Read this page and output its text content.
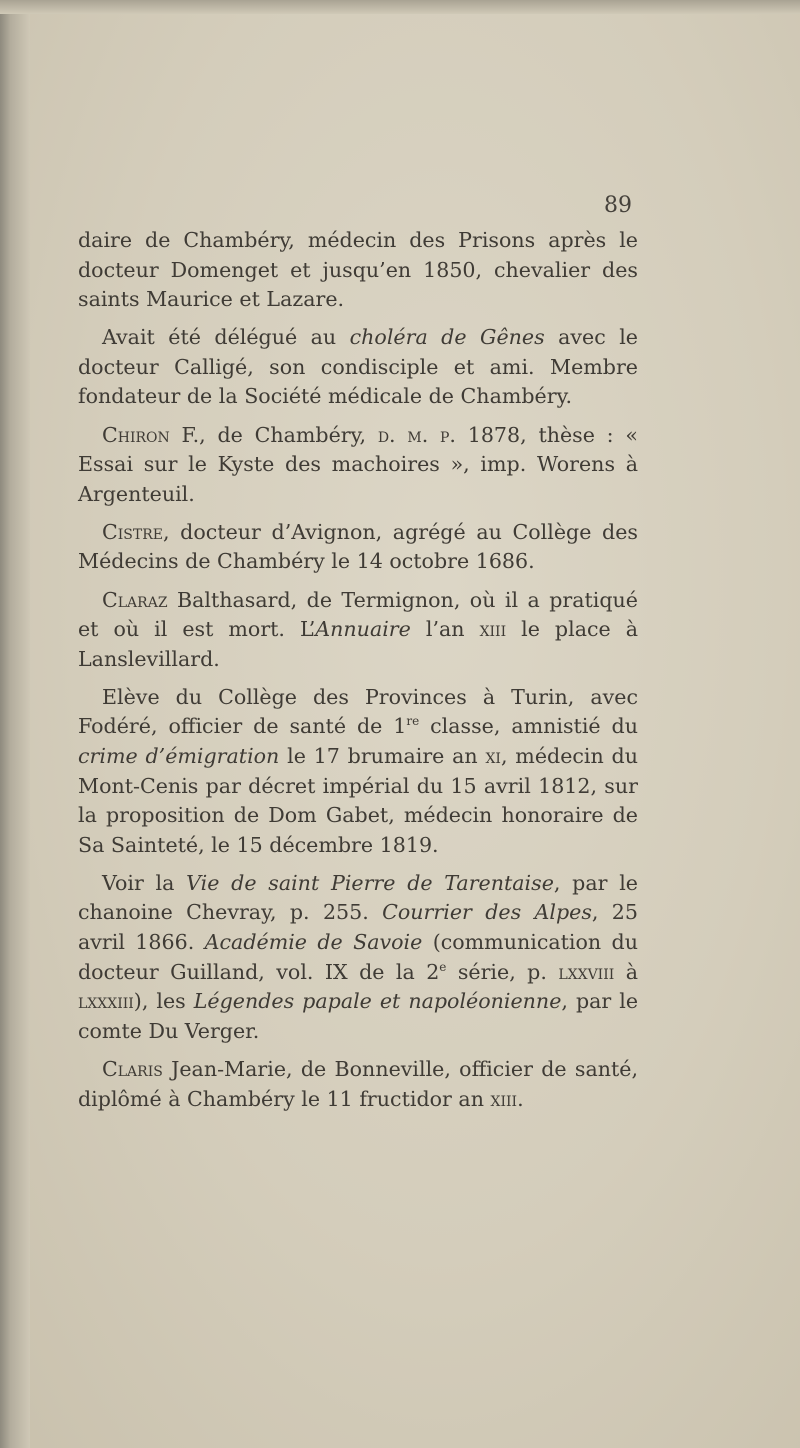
89

daire de Chambéry, médecin des Prisons après le docteur Domenget et jusqu’en 1850, chevalier des saints Maurice et Lazare.

Avait été délégué au choléra de Gênes avec le docteur Calligé, son condisciple et ami. Membre fondateur de la Société médicale de Chambéry.

Chiron F., de Chambéry, d. m. p. 1878, thèse : « Essai sur le Kyste des machoires », imp. Worens à Argenteuil.

Cistre, docteur d’Avignon, agrégé au Collège des Médecins de Chambéry le 14 octobre 1686.

Claraz Balthasard, de Termignon, où il a pratiqué et où il est mort. L’Annuaire l’an xiii le place à Lanslevillard.

Elève du Collège des Provinces à Turin, avec Fodéré, officier de santé de 1re classe, amnistié du crime d’émigration le 17 brumaire an xi, médecin du Mont-Cenis par décret impérial du 15 avril 1812, sur la proposition de Dom Gabet, médecin honoraire de Sa Sainteté, le 15 décembre 1819.

Voir la Vie de saint Pierre de Tarentaise, par le chanoine Chevray, p. 255. Courrier des Alpes, 25 avril 1866. Académie de Savoie (communication du docteur Guilland, vol. IX de la 2e série, p. lxxviii à lxxxiii), les Légendes papale et napoléonienne, par le comte Du Verger.

Claris Jean-Marie, de Bonneville, officier de santé, diplômé à Chambéry le 11 fructidor an xiii.
